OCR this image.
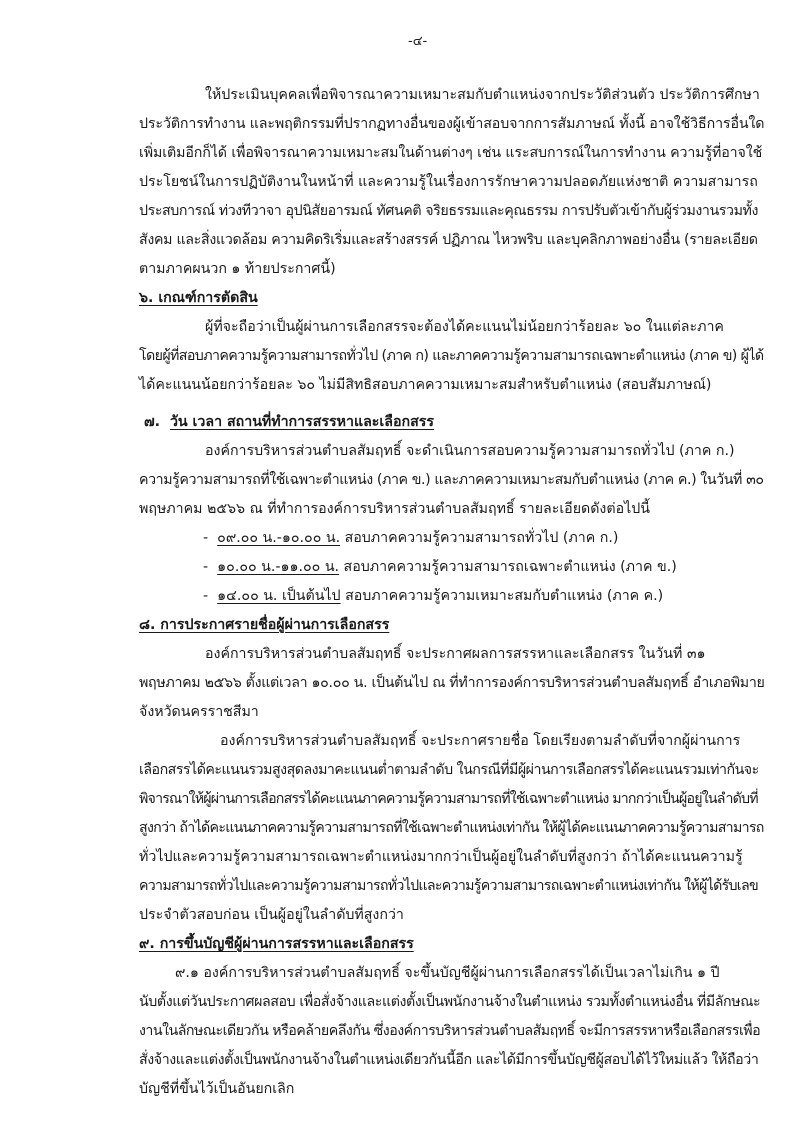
-๔-

ให้ประเมินบุคคลเพื่อพิจารณาความเหมาะสมกับตำแหน่งจากประวัติส่วนตัว ประวัติการศึกษา

ประวัติการทำงาน และพฤติกรรมที่ปรากฏทางอื่นของผู้เข้าสอบจากการสัมภาษณ์ ทั้งนี้ อาจใช้วิธีการอื่นใด

เพิ่มเติมอีกก็ได้ เพื่อพิจารณาความเหมาะสมในด้านต่างๆ เช่น แระสบการณ์ในการทำงาน ความรู้ที่อาจใช้

ประโยชน์ในการปฏิบัติงานในหน้าที่ และความรู้ในเรื่องการรักษาความปลอดภัยแห่งชาติ ความสามารถ

ประสบการณ์ ท่วงทีวาจา อุปนิสัยอารมณ์ ทัศนคติ จริยธรรมและคุณธรรม การปรับตัวเข้ากับผู้ร่วมงานรวมทั้ง

สังคม และสิ่งแวดล้อม ความคิดริเริ่มและสร้างสรรค์ ปฏิภาณ ไหวพริบ และบุคลิกภาพอย่างอื่น (รายละเอียด

ตามภาคผนวก ๑ ท้ายประกาศนี้)

๖. เกณฑ์การตัดสิน

ผู้ที่จะถือว่าเป็นผู้ผ่านการเลือกสรรจะต้องได้คะแนนไม่น้อยกว่าร้อยละ ๖๐ ในแต่ละภาค

โดยผู้ที่สอบภาคความรู้ความสามารถทั่วไป (ภาค ก) และภาคความรู้ความสามารถเฉพาะตำแหน่ง (ภาค ข) ผู้ได้

ได้คะแนนน้อยกว่าร้อยละ ๖๐ ไม่มีสิทธิสอบภาคความเหมาะสมสำหรับตำแหน่ง (สอบสัมภาษณ์)

๗. วัน เวลา สถานที่ทำการสรรหาและเลือกสรร

องค์การบริหารส่วนตำบลสัมฤทธิ์ จะดำเนินการสอบความรู้ความสามารถทั่วไป (ภาค ก.)

ความรู้ความสามารถที่ใช้เฉพาะตำแหน่ง (ภาค ข.) และภาคความเหมาะสมกับตำแหน่ง (ภาค ค.) ในวันที่ ๓๐

พฤษภาคม ๒๕๖๖ ณ ที่ทำการองค์การบริหารส่วนตำบลสัมฤทธิ์ รายละเอียดดังต่อไปนี้

- ๐๙.๐๐ น.-๑๐.๐๐ น. สอบภาคความรู้ความสามารถทั่วไป (ภาค ก.)

- ๑๐.๐๐ น.-๑๑.๐๐ น. สอบภาคความรู้ความสามารถเฉพาะตำแหน่ง (ภาค ข.)

- ๑๔.๐๐ น. เป็นต้นไป สอบภาคความรู้ความเหมาะสมกับตำแหน่ง (ภาค ค.)

๘. การประกาศรายชื่อผู้ผ่านการเลือกสรร

องค์การบริหารส่วนตำบลสัมฤทธิ์ จะประกาศผลการสรรหาและเลือกสรร ในวันที่ ๓๑

พฤษภาคม ๒๕๖๖ ตั้งแต่เวลา ๑๐.๐๐ น. เป็นต้นไป ณ ที่ทำการองค์การบริหารส่วนตำบลสัมฤทธิ์ อำเภอพิมาย

จังหวัดนครราชสีมา

องค์การบริหารส่วนตำบลสัมฤทธิ์ จะประกาศรายชื่อ โดยเรียงตามลำดับที่จากผู้ผ่านการ

เลือกสรรได้คะแนนรวมสูงสุดลงมาคะแนนต่ำตามลำดับ ในกรณีที่มีผู้ผ่านการเลือกสรรได้คะแนนรวมเท่ากันจะ

พิจารณาให้ผู้ผ่านการเลือกสรรได้คะแนนภาคความรู้ความสามารถที่ใช้เฉพาะตำแหน่ง มากกว่าเป็นผู้อยู่ในลำดับที่

สูงกว่า ถ้าได้คะแนนภาคความรู้ความสามารถที่ใช้เฉพาะตำแหน่งเท่ากัน ให้ผู้ได้คะแนนภาคความรู้ความสามารถ

ทั่วไปและความรู้ความสามารถเฉพาะตำแหน่งมากกว่าเป็นผู้อยู่ในลำดับที่สูงกว่า ถ้าได้คะแนนความรู้

ความสามารถทั่วไปและความรู้ความสามารถทั่วไปและความรู้ความสามารถเฉพาะตำแหน่งเท่ากัน ให้ผู้ได้รับเลข

ประจำตัวสอบก่อน เป็นผู้อยู่ในลำดับที่สูงกว่า

๙. การขึ้นบัญชีผู้ผ่านการสรรหาและเลือกสรร

๙.๑ องค์การบริหารส่วนตำบลสัมฤทธิ์ จะขึ้นบัญชีผู้ผ่านการเลือกสรรได้เป็นเวลาไม่เกิน ๑ ปี

นับตั้งแต่วันประกาศผลสอบ เพื่อสั่งจ้างและแต่งตั้งเป็นพนักงานจ้างในตำแหน่ง รวมทั้งตำแหน่งอื่น ที่มีลักษณะ

งานในลักษณะเดียวกัน หรือคล้ายคลึงกัน ซึ่งองค์การบริหารส่วนตำบลสัมฤทธิ์ จะมีการสรรหาหรือเลือกสรรเพื่อ

สั่งจ้างและแต่งตั้งเป็นพนักงานจ้างในตำแหน่งเดียวกันนี้อีก และได้มีการขึ้นบัญชีผู้สอบได้ไว้ใหม่แล้ว ให้ถือว่า

บัญชีที่ขึ้นไว้เป็นอันยกเลิก
